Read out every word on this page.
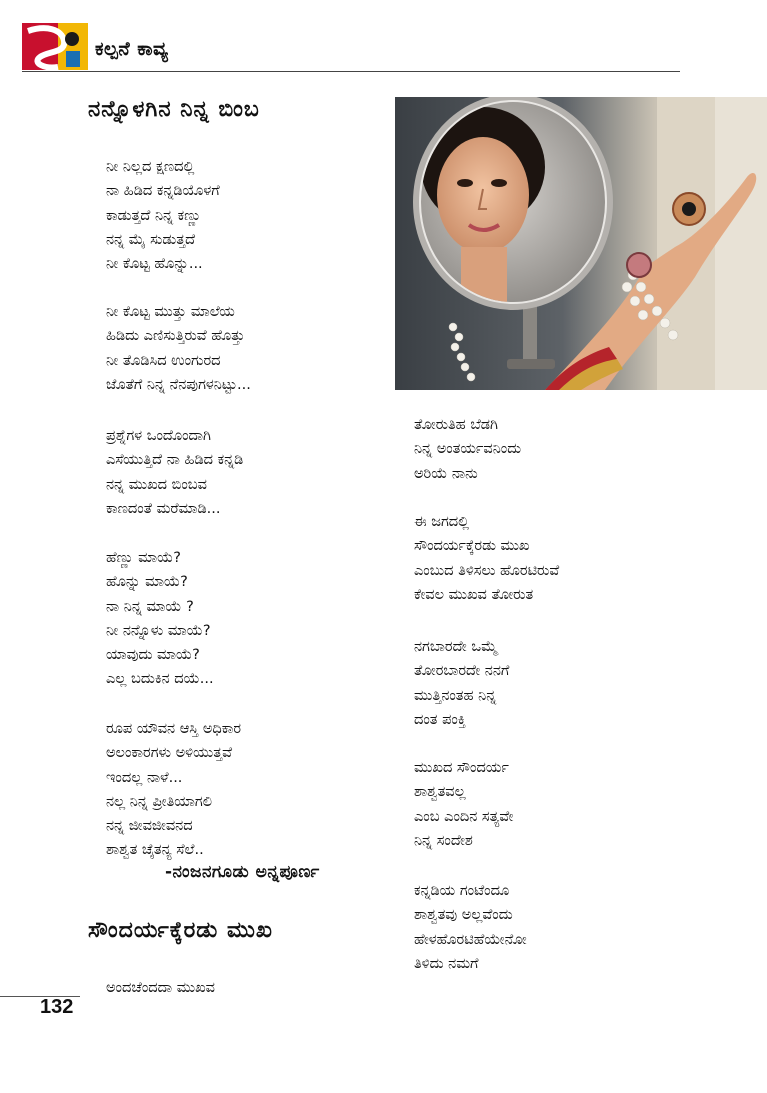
ಕಲ್ಪನೆ ಕಾವ್ಯ
ನನ್ನೊಳಗಿನ ನಿನ್ನ ಬಿಂಬ
ನೀ ನಿಲ್ಲದ ಕ್ಷಣದಲ್ಲಿ
ನಾ ಹಿಡಿದ ಕನ್ನಡಿಯೊಳಗೆ
ಕಾಡುತ್ತದೆ ನಿನ್ನ ಕಣ್ಣು
ನನ್ನ ಮೈ ಸುಡುತ್ತದೆ
ನೀ ಕೊಟ್ಟ ಹೊನ್ನು...
ನೀ ಕೊಟ್ಟ ಮುತ್ತು ಮಾಲೆಯ
ಹಿಡಿದು ಎಣಿಸುತ್ತಿರುವೆ ಹೊತ್ತು
ನೀ ತೊಡಿಸಿದ ಉಂಗುರದ
ಜೊತೆಗೆ ನಿನ್ನ ನೆನಪುಗಳನಿಟ್ಟು...
ಪ್ರಶ್ನೆಗಳ ಒಂದೊಂದಾಗಿ
ಎಸೆಯುತ್ತಿದೆ ನಾ ಹಿಡಿದ ಕನ್ನಡಿ
ನನ್ನ ಮುಖದ ಬಿಂಬವ
ಕಾಣದಂತೆ ಮರೆಮಾಡಿ...
ಹೆಣ್ಣು ಮಾಯೆ?
ಹೊನ್ನು ಮಾಯೆ?
ನಾ ನಿನ್ನ ಮಾಯೆ ?
ನೀ ನನ್ನೊಳು ಮಾಯೆ?
ಯಾವುದು ಮಾಯೆ?
ಎಲ್ಲ ಬದುಕಿನ ದಯೆ...
ರೂಪ ಯೌವನ ಆಸ್ತಿ ಅಧಿಕಾರ
ಅಲಂಕಾರಗಳು ಅಳಿಯುತ್ತವೆ
ಇಂದಲ್ಲ ನಾಳೆ...
ನಲ್ಲ ನಿನ್ನ ಪ್ರೀತಿಯಾಗಲಿ
ನನ್ನ ಜೀವಜೀವನದ
ಶಾಶ್ವತ ಚೈತನ್ಯ ಸೆಲೆ..
-ನಂಜನಗೂಡು ಅನ್ನಪೂರ್ಣ
ಸೌಂದರ್ಯಕ್ಕೆರಡು ಮುಖ
ಅಂದಚೆಂದದಾ ಮುಖವ
ತೋರುತಿಹ ಬೆಡಗಿ
ನಿನ್ನ ಅಂತರ್ಯವನಿಂದು
ಅರಿಯೆ ನಾನು
ಈ ಜಗದಲ್ಲಿ
ಸೌಂದರ್ಯಕ್ಕೆರಡು ಮುಖ
ಎಂಬುದ ತಿಳಿಸಲು ಹೊರಟಿರುವೆ
ಕೇವಲ ಮುಖವ ತೋರುತ
ನಗಬಾರದೇ ಒಮ್ಮೆ
ತೋರಬಾರದೇ ನನಗೆ
ಮುತ್ತಿನಂತಹ ನಿನ್ನ
ದಂತ ಪಂಕ್ತಿ
ಮುಖದ ಸೌಂದರ್ಯ
ಶಾಶ್ವತವಲ್ಲ
ಎಂಬ ಎಂದಿನ ಸತ್ಯವೇ
ನಿನ್ನ ಸಂದೇಶ
ಕನ್ನಡಿಯ ಗಂಟೆಂದೂ
ಶಾಶ್ವತವು ಅಲ್ಲವೆಂದು
ಹೇಳಹೊರಟಿಹೆಯೇನೋ
ತಿಳಿದು ನಮಗೆ
132
